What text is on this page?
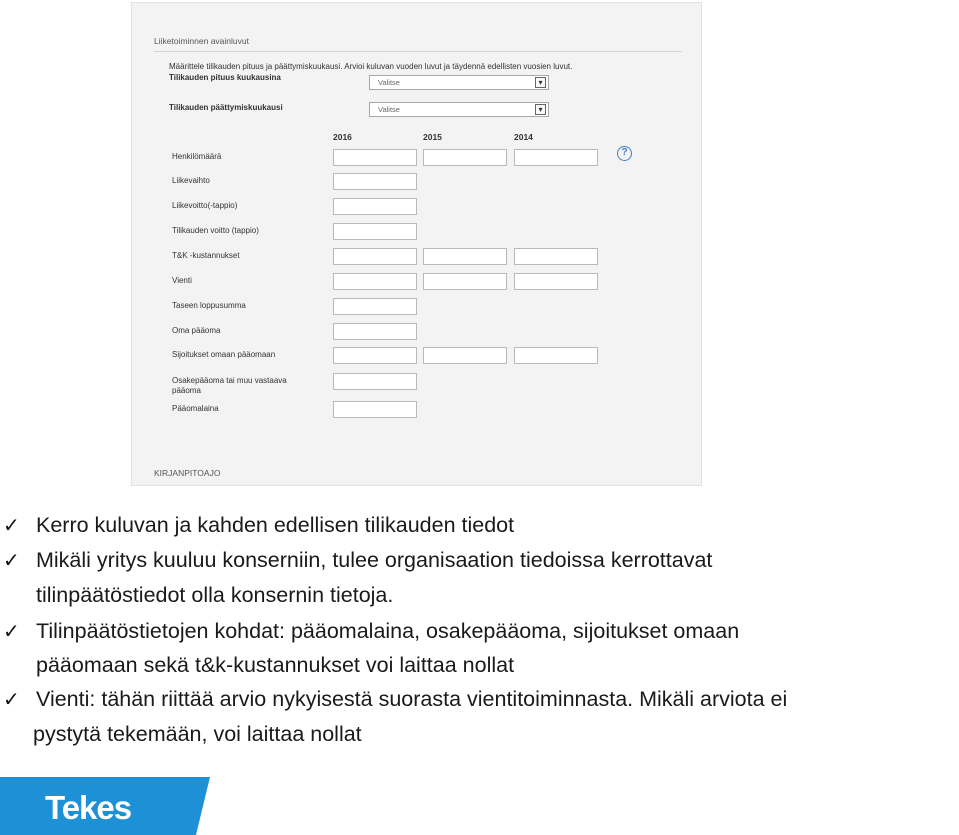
Liiketoiminnen avainluvut
Määrittele tilikauden pituus ja päättymiskuukausi. Arvioi kuluvan vuoden luvut ja täydennä edellisten vuosien luvut.
Tilikauden pituus kuukausina
Valitse	▾
Tilikauden päättymiskuukausi	Valitse	▾
2016	2015	2014
?
Henkilömäärä
Liikevaihto
Liikevoitto(-tappio)
Tilikauden voitto (tappio)
T&K -kustannukset
Vienti
Taseen loppusumma
Oma pääoma
Sijoitukset omaan pääomaan
Osakepääoma tai muu vastaava pääoma
Pääomalaina
KIRJANPITOAJO
✓ Kerro kuluvan ja kahden edellisen tilikauden tiedot
✓ Mikäli yritys kuuluu konserniin, tulee organisaation tiedoissa kerrottavat
tilinpäätöstiedot olla konsernin tietoja.
✓ Tilinpäätöstietojen kohdat: pääomalaina, osakepääoma, sijoitukset omaan
pääomaan sekä t&k-kustannukset voi laittaa nollat
✓ Vienti: tähän riittää arvio nykyisestä suorasta vientitoiminnasta. Mikäli arviota ei
pystytä tekemään, voi laittaa nollat
Tekes
